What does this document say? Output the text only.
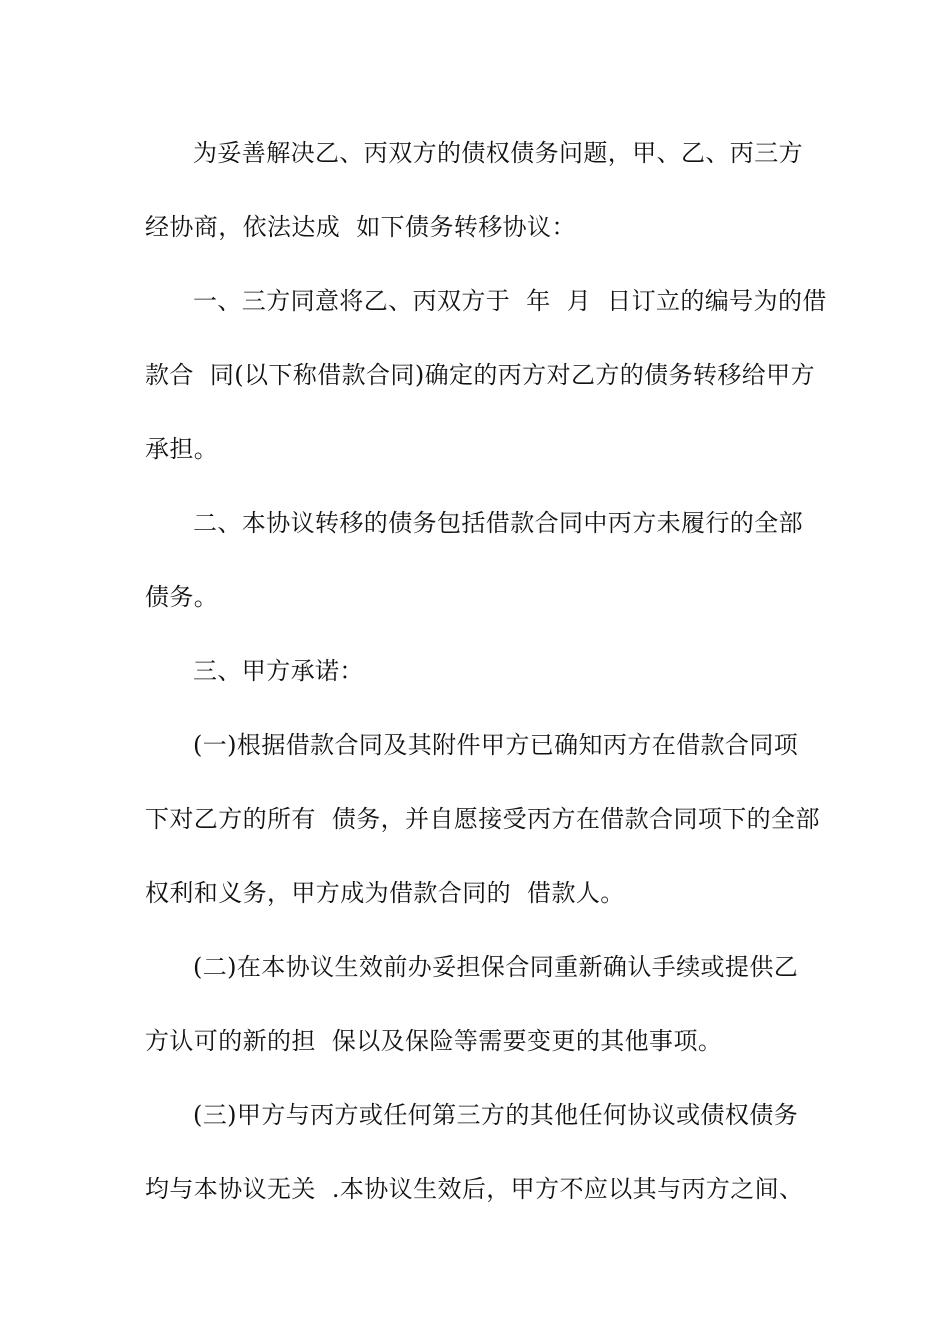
为妥善解决乙、丙双方的债权债务问题，甲、乙、丙三方
经协商，依法达成  如下债务转移协议：
一、三方同意将乙、丙双方于  年  月  日订立的编号为的借
款合  同(以下称借款合同)确定的丙方对乙方的债务转移给甲方
承担。
二、本协议转移的债务包括借款合同中丙方未履行的全部
债务。
三、甲方承诺：
(一)根据借款合同及其附件甲方已确知丙方在借款合同项
下对乙方的所有  债务，并自愿接受丙方在借款合同项下的全部
权利和义务，甲方成为借款合同的  借款人。
(二)在本协议生效前办妥担保合同重新确认手续或提供乙
方认可的新的担  保以及保险等需要变更的其他事项。
(三)甲方与丙方或任何第三方的其他任何协议或债权债务
均与本协议无关  .本协议生效后，甲方不应以其与丙方之间、
